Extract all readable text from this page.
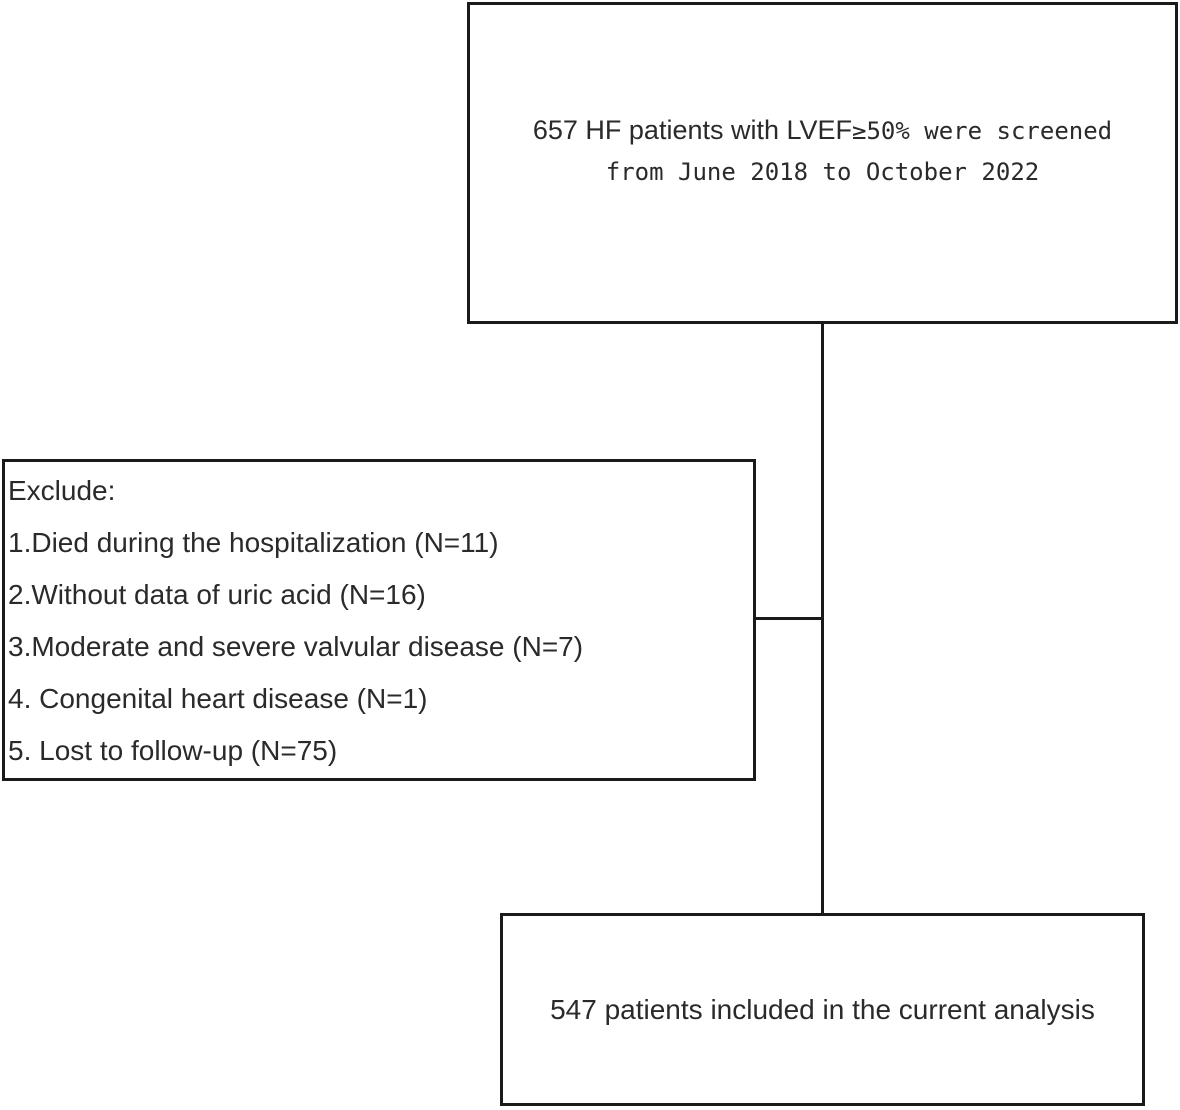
657 HF patients with LVEF≥50% were screened
from June 2018 to October 2022
Exclude:
1.Died during the hospitalization (N=11)
2.Without data of uric acid (N=16)
3.Moderate and severe valvular disease (N=7)
4. Congenital heart disease (N=1)
5. Lost to follow-up (N=75)
547 patients included in the current analysis
